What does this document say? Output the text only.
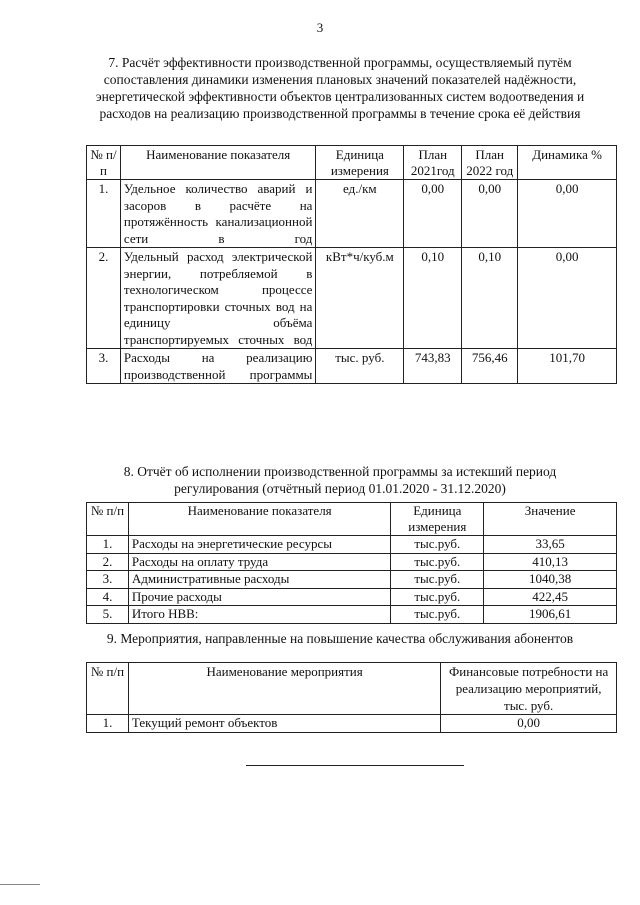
3
7. Расчёт эффективности производственной программы, осуществляемый путём сопоставления динамики изменения плановых значений показателей надёжности, энергетической эффективности объектов централизованных систем водоотведения и расходов на реализацию производственной программы в течение срока её действия
№ п/п	Наименование показателя	Единица измерения	План 2021год	План 2022 год	Динамика %
1.	Удельное количество аварий и засоров в расчёте на протяжённость канализационной сети в год	ед./км	0,00	0,00	0,00
2.	Удельный расход электрической энергии, потребляемой в технологическом процессе транспортировки сточных вод на единицу объёма транспортируемых сточных вод	кВт*ч/куб.м	0,10	0,10	0,00
3.	Расходы на реализацию производственной программы	тыс. руб.	743,83	756,46	101,70
8. Отчёт об исполнении производственной программы за истекший период регулирования (отчётный период 01.01.2020 - 31.12.2020)
№ п/п	Наименование показателя	Единица измерения	Значение
1.	Расходы на энергетические ресурсы	тыс.руб.	33,65
2.	Расходы на оплату труда	тыс.руб.	410,13
3.	Административные расходы	тыс.руб.	1040,38
4.	Прочие расходы	тыс.руб.	422,45
5.	Итого НВВ:	тыс.руб.	1906,61
9. Мероприятия, направленные на повышение качества обслуживания абонентов
№ п/п	Наименование мероприятия	Финансовые потребности на реализацию мероприятий, тыс. руб.
1.	Текущий ремонт объектов	0,00
